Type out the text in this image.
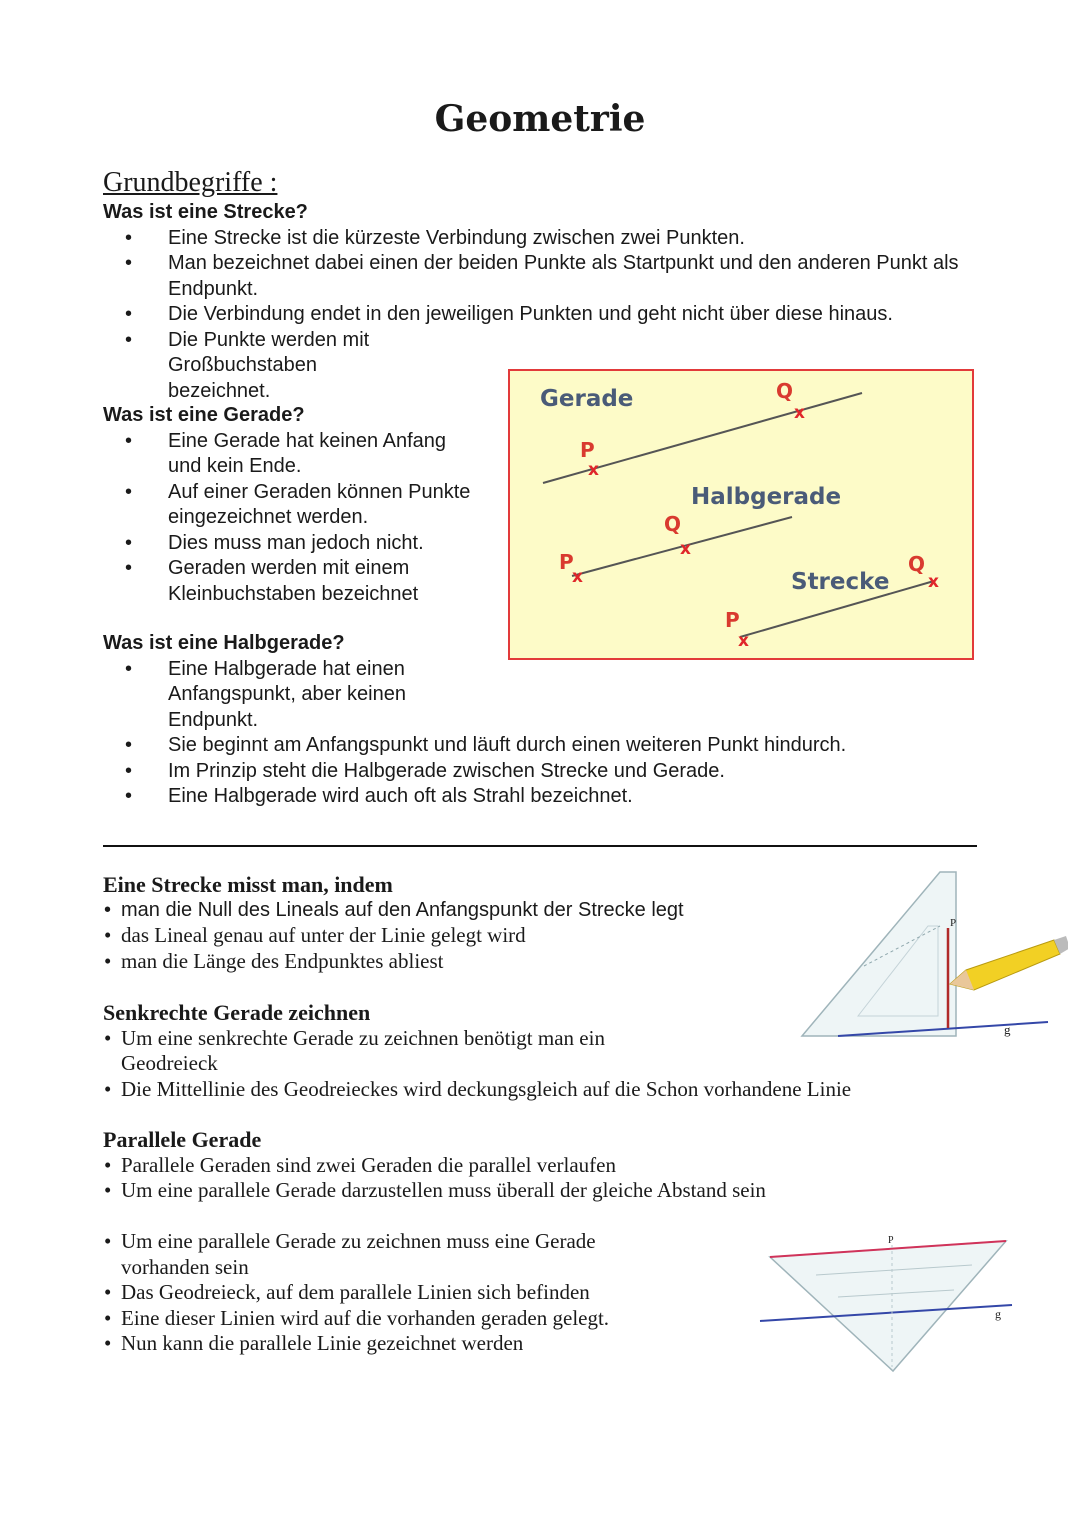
Geometrie
Grundbegriffe :
Was ist eine Strecke?
• Eine Strecke ist die kürzeste Verbindung zwischen zwei Punkten.
• Man bezeichnet dabei einen der beiden Punkte als Startpunkt und den anderen Punkt als Endpunkt.
• Die Verbindung endet in den jeweiligen Punkten und geht nicht über diese hinaus.
• Die Punkte werden mit Großbuchstaben bezeichnet.
Was ist eine Gerade?
• Eine Gerade hat keinen Anfang und kein Ende.
• Auf einer Geraden können Punkte eingezeichnet werden.
• Dies muss man jedoch nicht.
• Geraden werden mit einem Kleinbuchstaben bezeichnet
Was ist eine Halbgerade?
• Eine Halbgerade hat einen Anfangspunkt, aber keinen Endpunkt.
• Sie beginnt am Anfangspunkt und läuft durch einen weiteren Punkt hindurch.
• Im Prinzip steht die Halbgerade zwischen Strecke und Gerade.
• Eine Halbgerade wird auch oft als Strahl bezeichnet.
Gerade
P
x
Q
x
Halbgerade
P
x
Q
x
Strecke
P
x
Q
x
Eine Strecke misst man, indem
• man die Null des Lineals auf den Anfangspunkt der Strecke legt
• das Lineal genau auf unter der Linie gelegt wird
• man die Länge des Endpunktes abliest
Senkrechte Gerade zeichnen
• Um eine senkrechte Gerade zu zeichnen benötigt man ein Geodreieck
• Die Mittellinie des Geodreieckes wird deckungsgleich auf die Schon vorhandene Linie
Parallele Gerade
• Parallele Geraden sind zwei Geraden die parallel verlaufen
• Um eine parallele Gerade darzustellen muss überall der gleiche Abstand sein
• Um eine parallele Gerade zu zeichnen muss eine Gerade vorhanden sein
• Das Geodreieck, auf dem parallele Linien sich befinden
• Eine dieser Linien wird auf die vorhanden geraden gelegt.
• Nun kann die parallele Linie gezeichnet werden
P
g
P
g
